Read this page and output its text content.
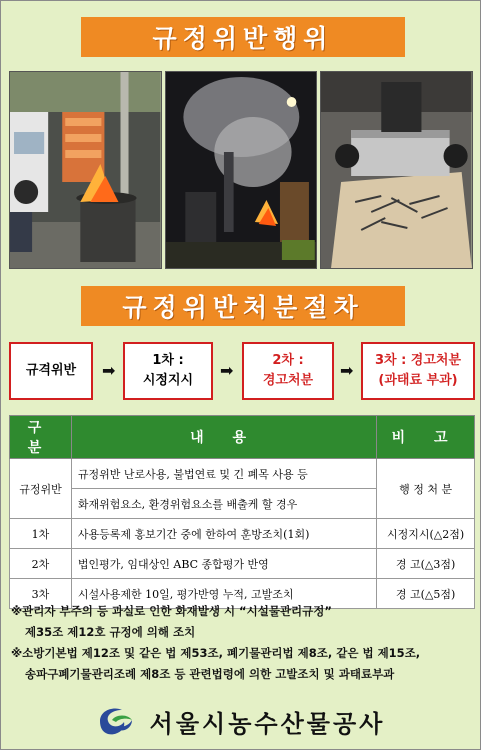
규정위반행위
규정위반처분절차
규격위반 ➡
1차 :
시정지시
➡
2차 :
경고처분
➡
3차 : 경고처분
(과태료 부과)
구 분	내 용	비 고
규정위반	규정위반 난로사용, 불법연료 및 긴 폐목 사용 등	행 정 처 분
	화재위험요소, 환경위험요소를 배출케 할 경우	
1차	사용등록제 홍보기간 중에 한하여 훈방조치(1회)	시정지시(△2점)
2차	법인평가, 임대상인 ABC 종합평가 반영	경 고(△3점)
3차	시설사용제한 10일, 평가반영 누적, 고발조치	경 고(△5점)

※관리자 부주의 등 과실로 인한 화재발생 시 “시설물관리규정”

제35조 제12호 규정에 의해 조치

※소방기본법 제12조 및 같은 법 제53조, 폐기물관리법 제8조, 같은 법 제15조,

송파구폐기물관리조례 제8조 등 관련법령에 의한 고발조치 및 과태료부과

서울시농수산물공사
